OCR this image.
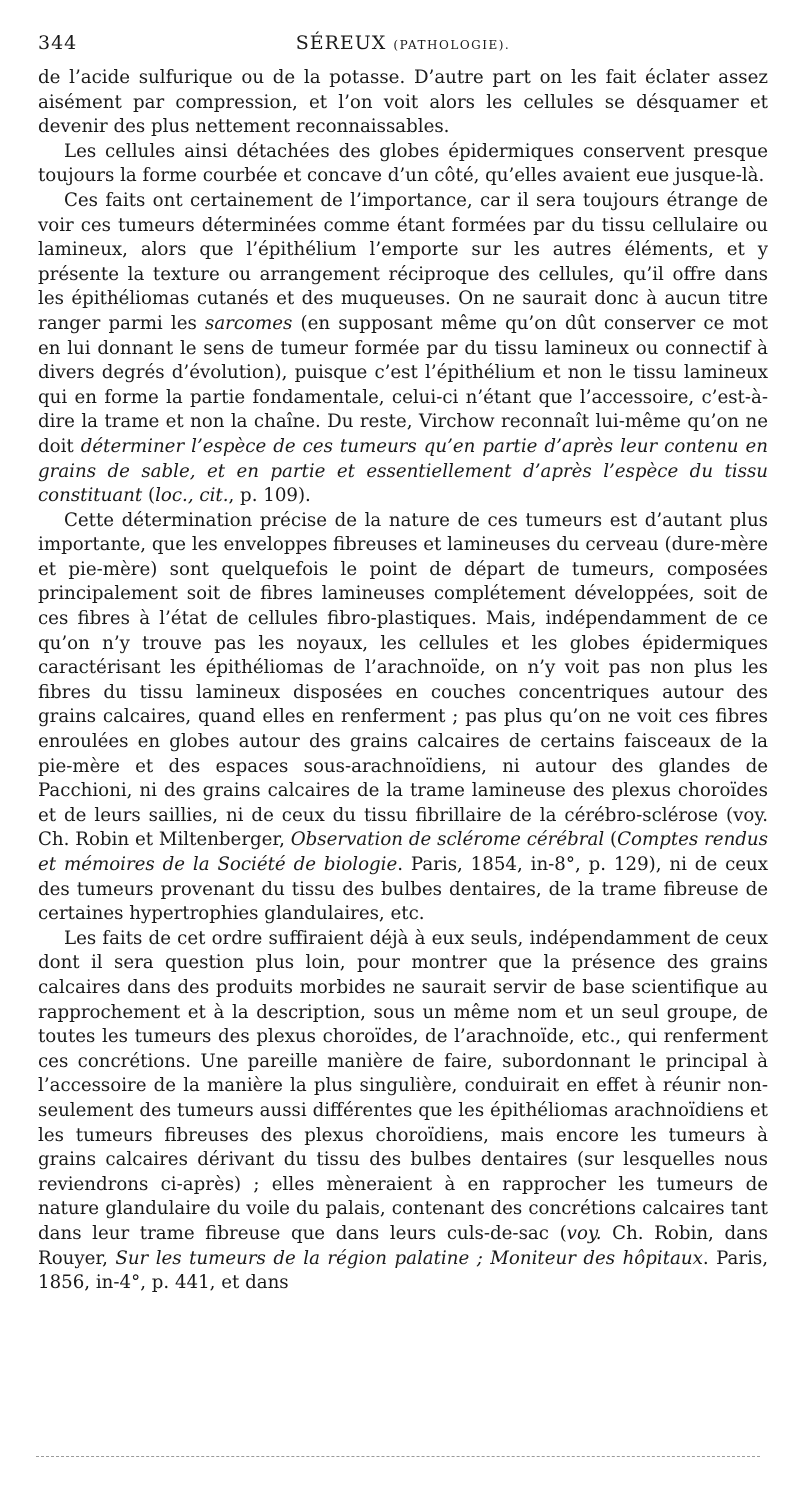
344	SÉREUX (PATHOLOGIE).

de l’acide sulfurique ou de la potasse. D’autre part on les fait éclater assez aisément par compression, et l’on voit alors les cellules se désquamer et devenir des plus nettement reconnaissables.

Les cellules ainsi détachées des globes épidermiques conservent presque toujours la forme courbée et concave d’un côté, qu’elles avaient eue jusque-là.

Ces faits ont certainement de l’importance, car il sera toujours étrange de voir ces tumeurs déterminées comme étant formées par du tissu cellulaire ou lamineux, alors que l’épithélium l’emporte sur les autres éléments, et y présente la texture ou arrangement réciproque des cellules, qu’il offre dans les épithéliomas cutanés et des muqueuses. On ne saurait donc à aucun titre ranger parmi les sarcomes (en supposant même qu’on dût conserver ce mot en lui donnant le sens de tumeur formée par du tissu lamineux ou connectif à divers degrés d’évolution), puisque c’est l’épithélium et non le tissu lamineux qui en forme la partie fondamentale, celui-ci n’étant que l’accessoire, c’est-à-dire la trame et non la chaîne. Du reste, Virchow reconnaît lui-même qu’on ne doit déterminer l’espèce de ces tumeurs qu’en partie d’après leur contenu en grains de sable, et en partie et essentiellement d’après l’espèce du tissu constituant (loc., cit., p. 109).

Cette détermination précise de la nature de ces tumeurs est d’autant plus importante, que les enveloppes fibreuses et lamineuses du cerveau (dure-mère et pie-mère) sont quelquefois le point de départ de tumeurs, composées principalement soit de fibres lamineuses complétement développées, soit de ces fibres à l’état de cellules fibro-plastiques. Mais, indépendamment de ce qu’on n’y trouve pas les noyaux, les cellules et les globes épidermiques caractérisant les épithéliomas de l’arachnoïde, on n’y voit pas non plus les fibres du tissu lamineux disposées en couches concentriques autour des grains calcaires, quand elles en renferment ; pas plus qu’on ne voit ces fibres enroulées en globes autour des grains calcaires de certains faisceaux de la pie-mère et des espaces sous-arachnoïdiens, ni autour des glandes de Pacchioni, ni des grains calcaires de la trame lamineuse des plexus choroïdes et de leurs saillies, ni de ceux du tissu fibrillaire de la cérébro-sclérose (voy. Ch. Robin et Miltenberger, Observation de sclérome cérébral (Comptes rendus et mémoires de la Société de biologie. Paris, 1854, in-8°, p. 129), ni de ceux des tumeurs provenant du tissu des bulbes dentaires, de la trame fibreuse de certaines hypertrophies glandulaires, etc.

Les faits de cet ordre suffiraient déjà à eux seuls, indépendamment de ceux dont il sera question plus loin, pour montrer que la présence des grains calcaires dans des produits morbides ne saurait servir de base scientifique au rapprochement et à la description, sous un même nom et un seul groupe, de toutes les tumeurs des plexus choroïdes, de l’arachnoïde, etc., qui renferment ces concrétions. Une pareille manière de faire, subordonnant le principal à l’accessoire de la manière la plus singulière, conduirait en effet à réunir non-seulement des tumeurs aussi différentes que les épithéliomas arachnoïdiens et les tumeurs fibreuses des plexus choroïdiens, mais encore les tumeurs à grains calcaires dérivant du tissu des bulbes dentaires (sur lesquelles nous reviendrons ci-après) ; elles mèneraient à en rapprocher les tumeurs de nature glandulaire du voile du palais, contenant des concrétions calcaires tant dans leur trame fibreuse que dans leurs culs-de-sac (voy. Ch. Robin, dans Rouyer, Sur les tumeurs de la région palatine ; Moniteur des hôpitaux. Paris, 1856, in-4°, p. 441, et dans
